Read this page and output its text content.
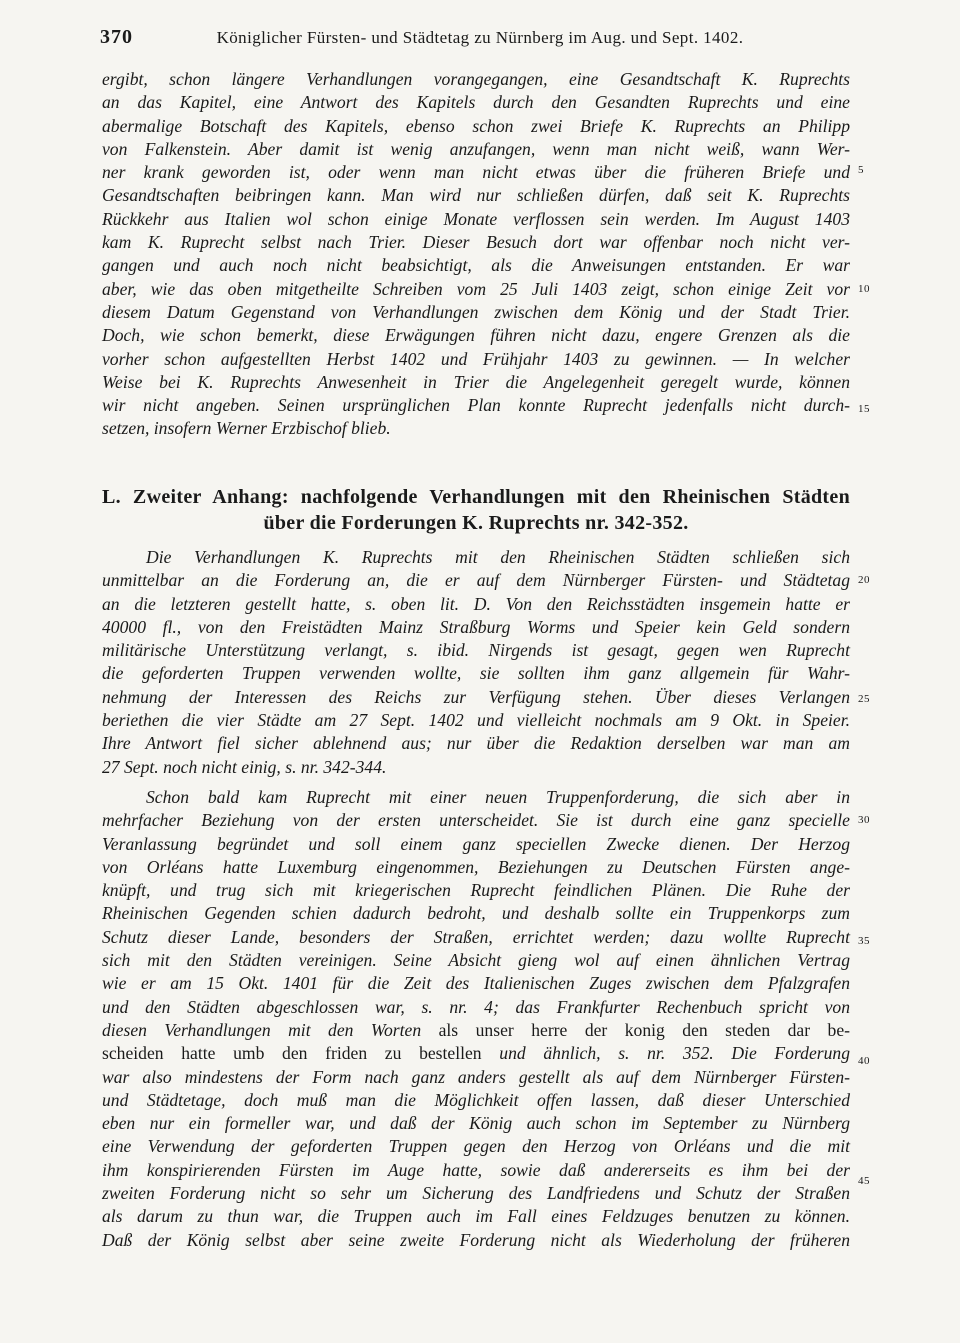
370	Königlicher Fürsten- und Städtetag zu Nürnberg im Aug. und Sept. 1402.
ergibt, schon längere Verhandlungen vorangegangen, eine Gesandtschaft K. Ruprechts
an das Kapitel, eine Antwort des Kapitels durch den Gesandten Ruprechts und eine
abermalige Botschaft des Kapitels, ebenso schon zwei Briefe K. Ruprechts an Philipp
von Falkenstein. Aber damit ist wenig anzufangen, wenn man nicht weiß, wann Wer-
ner krank geworden ist, oder wenn man nicht etwas über die früheren Briefe und
Gesandtschaften beibringen kann. Man wird nur schließen dürfen, daß seit K. Ruprechts
Rückkehr aus Italien wol schon einige Monate verflossen sein werden. Im August 1403
kam K. Ruprecht selbst nach Trier. Dieser Besuch dort war offenbar noch nicht ver-
gangen und auch noch nicht beabsichtigt, als die Anweisungen entstanden. Er war
aber, wie das oben mitgetheilte Schreiben vom 25 Juli 1403 zeigt, schon einige Zeit vor
diesem Datum Gegenstand von Verhandlungen zwischen dem König und der Stadt Trier.
Doch, wie schon bemerkt, diese Erwägungen führen nicht dazu, engere Grenzen als die
vorher schon aufgestellten Herbst 1402 und Frühjahr 1403 zu gewinnen. — In welcher
Weise bei K. Ruprechts Anwesenheit in Trier die Angelegenheit geregelt wurde, können
wir nicht angeben. Seinen ursprünglichen Plan konnte Ruprecht jedenfalls nicht durch-
setzen, insofern Werner Erzbischof blieb.
L. Zweiter Anhang: nachfolgende Verhandlungen mit den Rheinischen Städten
über die Forderungen K. Ruprechts nr. 342-352.
Die Verhandlungen K. Ruprechts mit den Rheinischen Städten schließen sich
unmittelbar an die Forderung an, die er auf dem Nürnberger Fürsten- und Städtetag
an die letzteren gestellt hatte, s. oben lit. D. Von den Reichsstädten insgemein hatte er
40000 fl., von den Freistädten Mainz Straßburg Worms und Speier kein Geld sondern
militärische Unterstützung verlangt, s. ibid. Nirgends ist gesagt, gegen wen Ruprecht
die geforderten Truppen verwenden wollte, sie sollten ihm ganz allgemein für Wahr-
nehmung der Interessen des Reichs zur Verfügung stehen. Über dieses Verlangen
beriethen die vier Städte am 27 Sept. 1402 und vielleicht nochmals am 9 Okt. in Speier.
Ihre Antwort fiel sicher ablehnend aus; nur über die Redaktion derselben war man am
27 Sept. noch nicht einig, s. nr. 342-344.
Schon bald kam Ruprecht mit einer neuen Truppenforderung, die sich aber in
mehrfacher Beziehung von der ersten unterscheidet. Sie ist durch eine ganz specielle
Veranlassung begründet und soll einem ganz speciellen Zwecke dienen. Der Herzog
von Orléans hatte Luxemburg eingenommen, Beziehungen zu Deutschen Fürsten ange-
knüpft, und trug sich mit kriegerischen Ruprecht feindlichen Plänen. Die Ruhe der
Rheinischen Gegenden schien dadurch bedroht, und deshalb sollte ein Truppenkorps zum
Schutz dieser Lande, besonders der Straßen, errichtet werden; dazu wollte Ruprecht
sich mit den Städten vereinigen. Seine Absicht gieng wol auf einen ähnlichen Vertrag
wie er am 15 Okt. 1401 für die Zeit des Italienischen Zuges zwischen dem Pfalzgrafen
und den Städten abgeschlossen war, s. nr. 4; das Frankfurter Rechenbuch spricht von
diesen Verhandlungen mit den Worten als unser herre der konig den steden dar be-
scheiden hatte umb den friden zu bestellen und ähnlich, s. nr. 352. Die Forderung
war also mindestens der Form nach ganz anders gestellt als auf dem Nürnberger Fürsten-
und Städtetage, doch muß man die Möglichkeit offen lassen, daß dieser Unterschied
eben nur ein formeller war, und daß der König auch schon im September zu Nürnberg
eine Verwendung der geforderten Truppen gegen den Herzog von Orléans und die mit
ihm konspirierenden Fürsten im Auge hatte, sowie daß andererseits es ihm bei der
zweiten Forderung nicht so sehr um Sicherung des Landfriedens und Schutz der Straßen
als darum zu thun war, die Truppen auch im Fall eines Feldzuges benutzen zu können.
Daß der König selbst aber seine zweite Forderung nicht als Wiederholung der früheren
5
10
15
20
25
30
35
40
45
